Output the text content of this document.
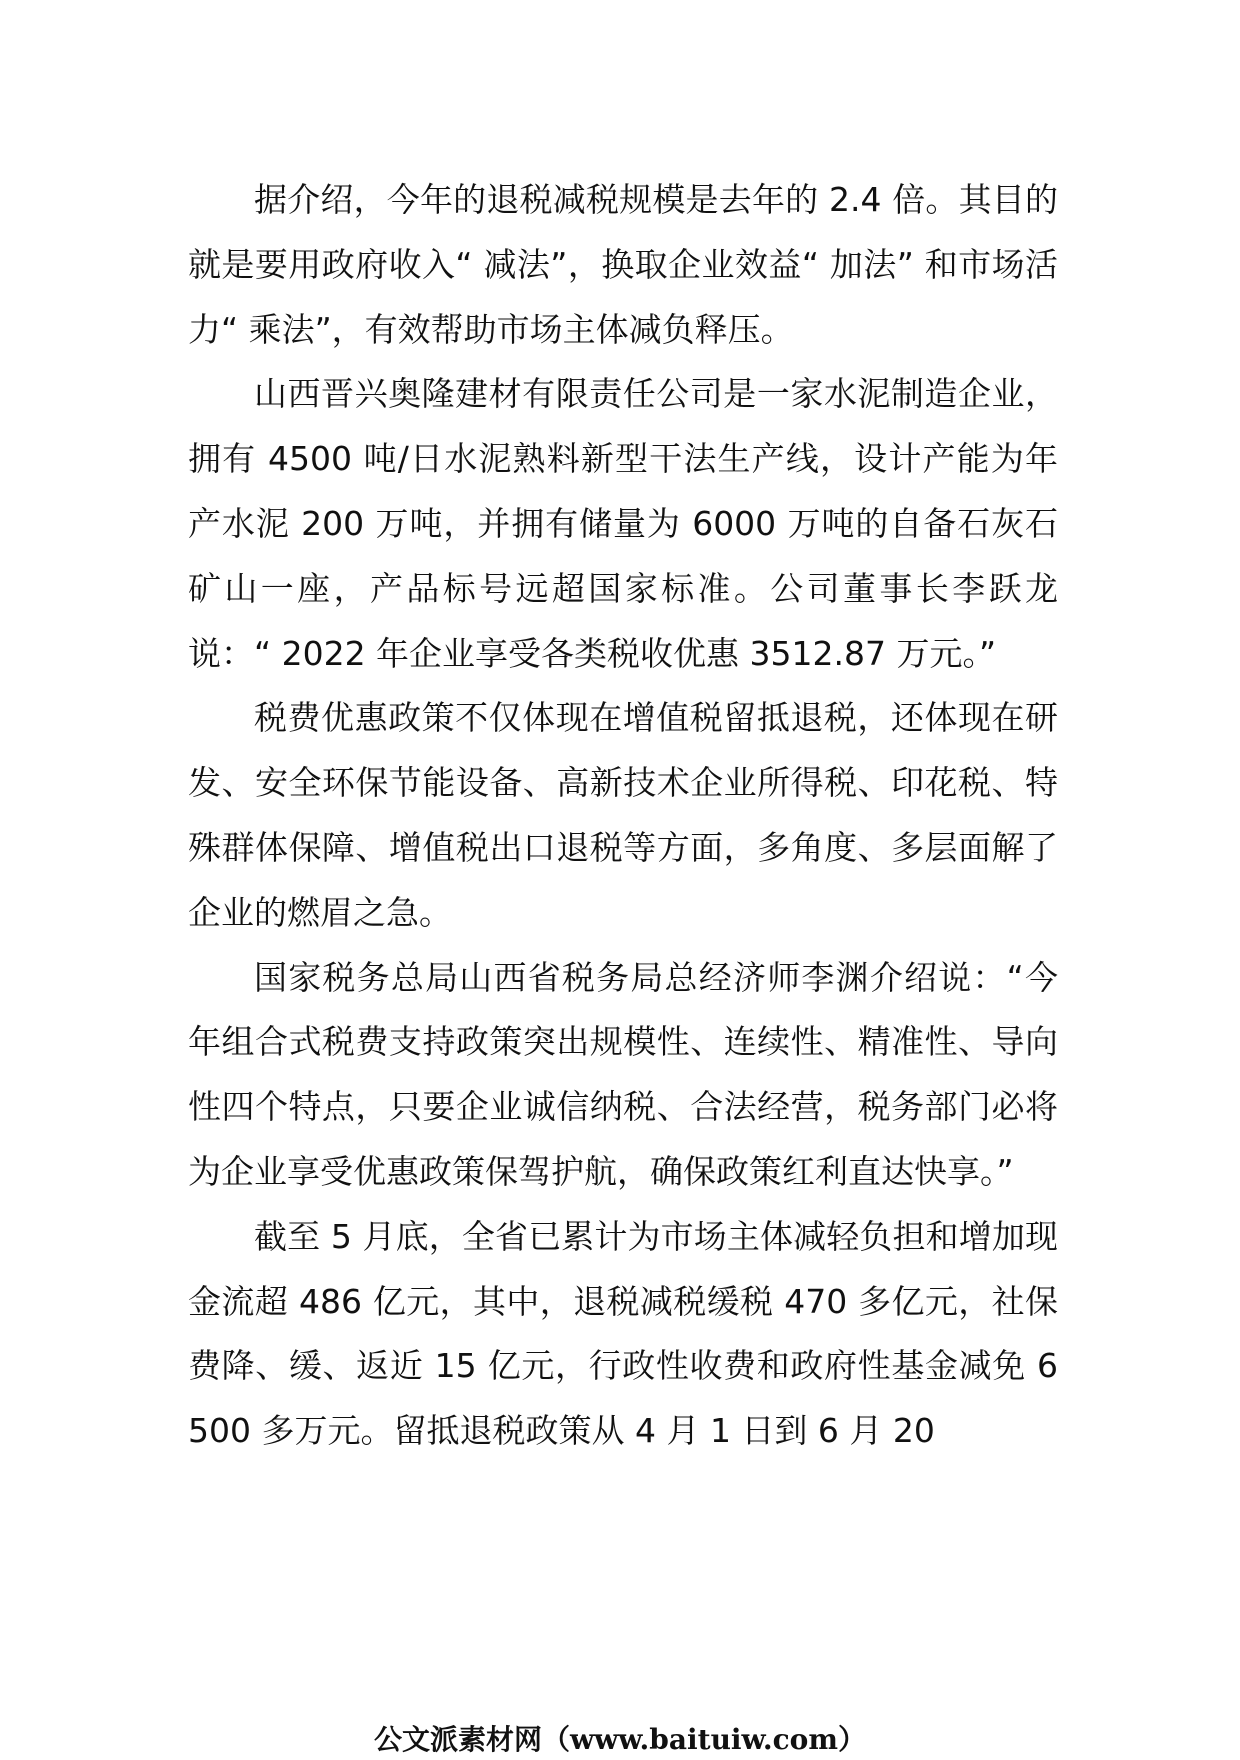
据介绍，今年的退税减税规模是去年的 2.4 倍。其目的就是要用政府收入“ 减法”，换取企业效益“ 加法” 和市场活力“ 乘法”，有效帮助市场主体减负释压。

山西晋兴奥隆建材有限责任公司是一家水泥制造企业，拥有 4500 吨/日水泥熟料新型干法生产线，设计产能为年产水泥 200 万吨，并拥有储量为 6000 万吨的自备石灰石矿山一座，产品标号远超国家标准。公司董事长李跃龙说：“ 2022 年企业享受各类税收优惠 3512.87 万元。”

税费优惠政策不仅体现在增值税留抵退税，还体现在研发、安全环保节能设备、高新技术企业所得税、印花税、特殊群体保障、增值税出口退税等方面，多角度、多层面解了企业的燃眉之急。

国家税务总局山西省税务局总经济师李渊介绍说：“今年组合式税费支持政策突出规模性、连续性、精准性、导向性四个特点，只要企业诚信纳税、合法经营，税务部门必将为企业享受优惠政策保驾护航，确保政策红利直达快享。”

截至 5 月底，全省已累计为市场主体减轻负担和增加现金流超 486 亿元，其中，退税减税缓税 470 多亿元，社保费降、缓、返近 15 亿元，行政性收费和政府性基金减免 6500 多万元。留抵退税政策从 4 月 1 日到 6 月 20

公文派素材网（www.baituiw.com）
